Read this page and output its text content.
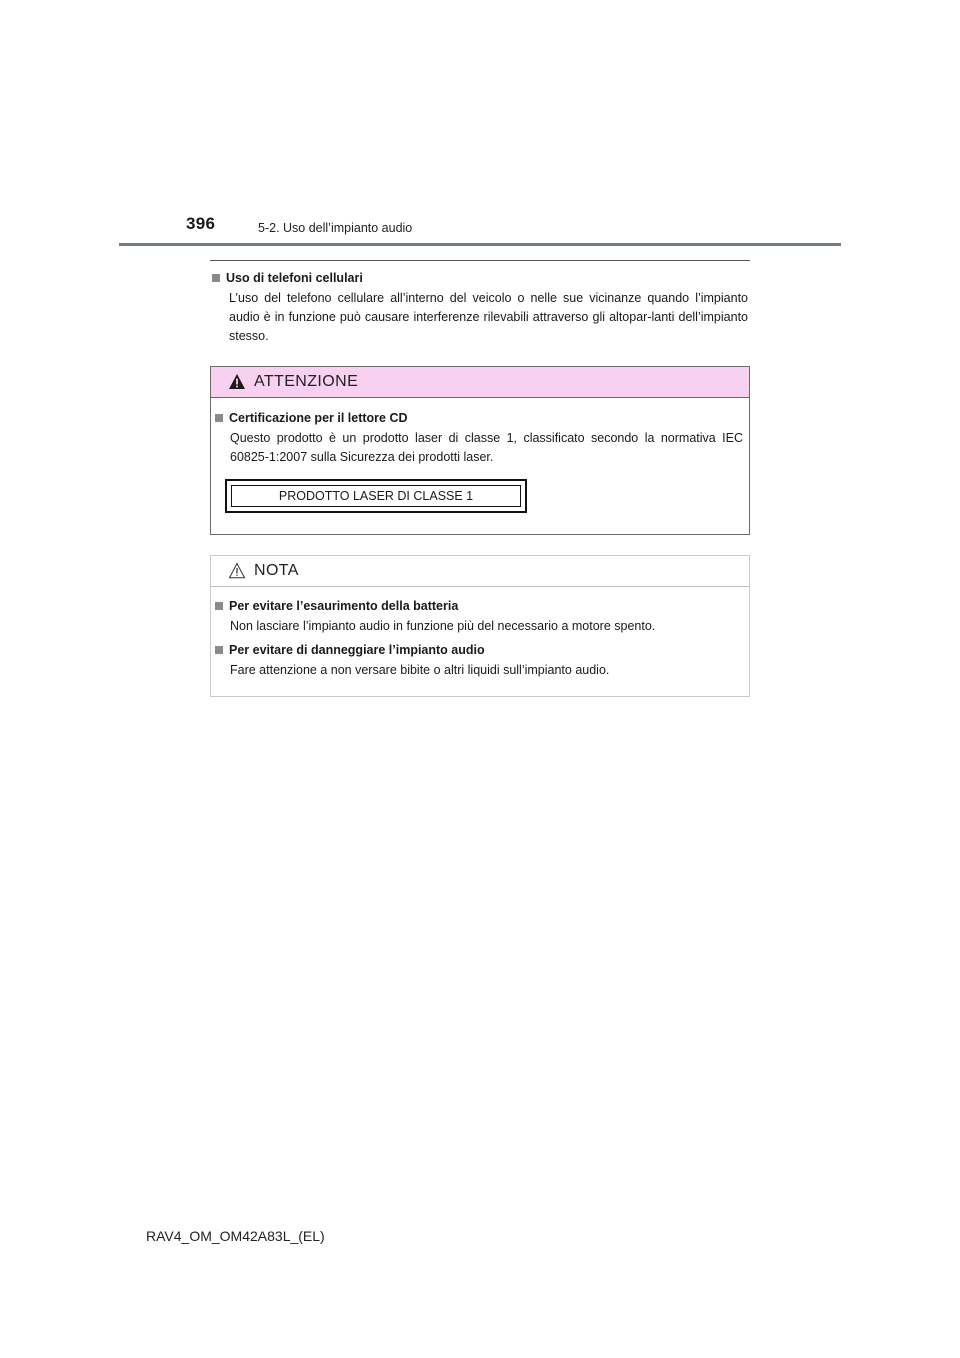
396	5-2. Uso dell’impianto audio
Uso di telefoni cellulari
L’uso del telefono cellulare all’interno del veicolo o nelle sue vicinanze quando l’impianto audio è in funzione può causare interferenze rilevabili attraverso gli altopar-lanti dell’impianto stesso.
ATTENZIONE
Certificazione per il lettore CD
Questo prodotto è un prodotto laser di classe 1, classificato secondo la normativa IEC 60825-1:2007 sulla Sicurezza dei prodotti laser.
PRODOTTO LASER DI CLASSE 1
NOTA
Per evitare l’esaurimento della batteria
Non lasciare l’impianto audio in funzione più del necessario a motore spento.
Per evitare di danneggiare l’impianto audio
Fare attenzione a non versare bibite o altri liquidi sull’impianto audio.
RAV4_OM_OM42A83L_(EL)
